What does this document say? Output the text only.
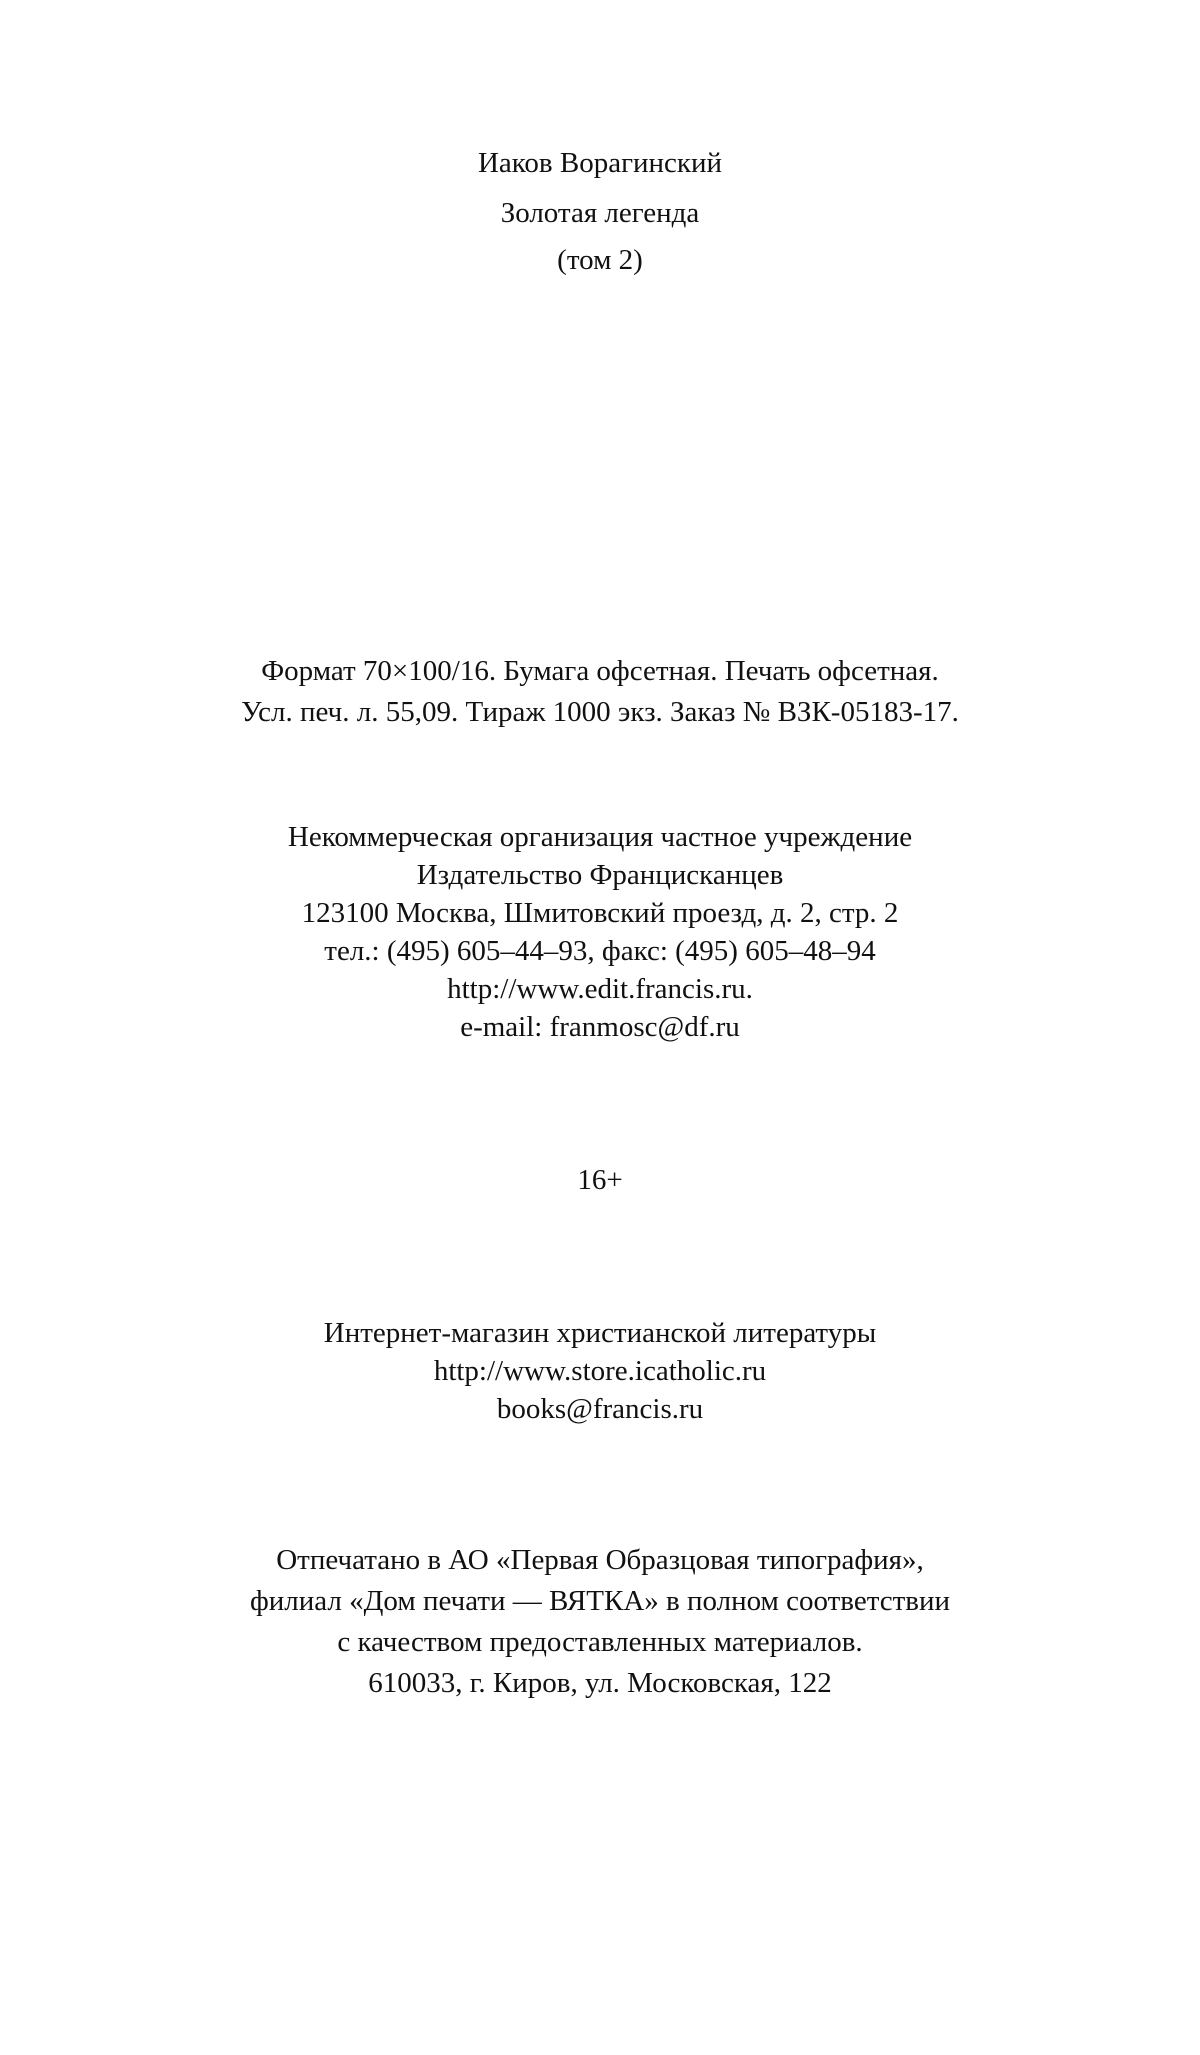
Иаков Ворагинский
Золотая легенда
(том 2)
Формат 70×100/16. Бумага офсетная. Печать офсетная.
Усл. печ. л. 55,09. Тираж 1000 экз. Заказ № ВЗК-05183-17.
Некоммерческая организация частное учреждение
Издательство Францисканцев
123100 Москва, Шмитовский проезд, д. 2, стр. 2
тел.: (495) 605–44–93, факс: (495) 605–48–94
http://www.edit.francis.ru.
e-mail: franmosc@df.ru
16+
Интернет-магазин христианской литературы
http://www.store.icatholic.ru
books@francis.ru
Отпечатано в АО «Первая Образцовая типография»,
филиал «Дом печати — ВЯТКА» в полном соответствии
с качеством предоставленных материалов.
610033, г. Киров, ул. Московская, 122
